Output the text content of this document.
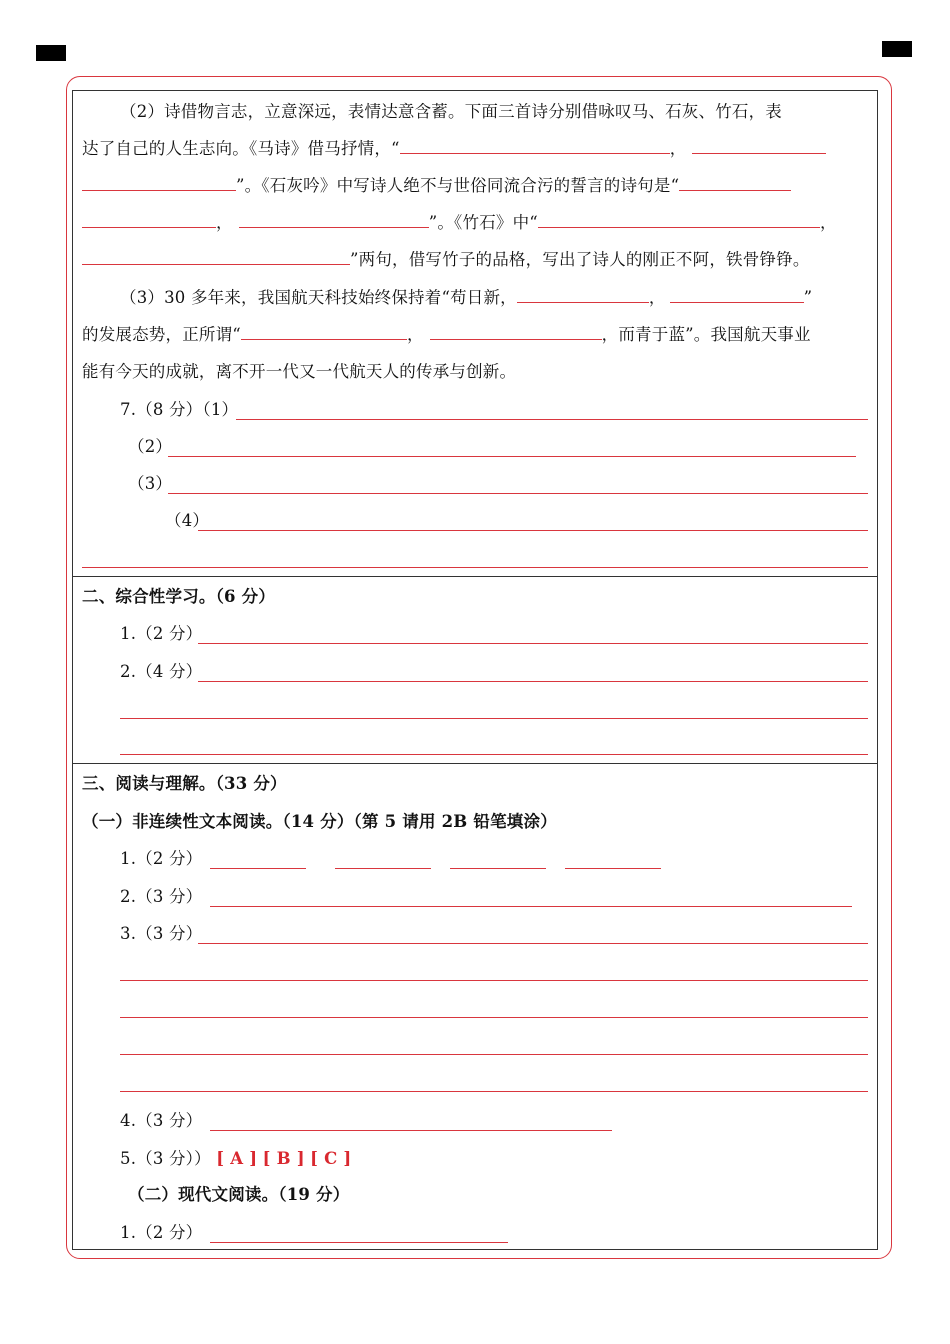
（2）诗借物言志，立意深远，表情达意含蓄。下面三首诗分别借咏叹马、石灰、竹石，表
达了自己的人生志向。《马诗》借马抒情，“	，
”。《石灰吟》中写诗人绝不与世俗同流合污的誓言的诗句是“
，	”。《竹石》中“	，
”两句，借写竹子的品格，写出了诗人的刚正不阿，铁骨铮铮。
（3）30 多年来，我国航天科技始终保持着“苟日新，	，	”
的发展态势，正所谓“	，	，而青于蓝”。我国航天事业
能有今天的成就，离不开一代又一代航天人的传承与创新。
7.（8 分）（1）
（2）
（3）
（4）
二、综合性学习。（6 分）
1.（2 分）
2.（4 分）
三、阅读与理解。（33 分）
（一）非连续性文本阅读。（14 分）（第 5 请用 2B 铅笔填涂）
1.（2 分）
2.（3 分）
3.（3 分）
4.（3 分）
5.（3 分）） [ A ] [ B ] [ C ]
（二）现代文阅读。（19 分）
1.（2 分）
